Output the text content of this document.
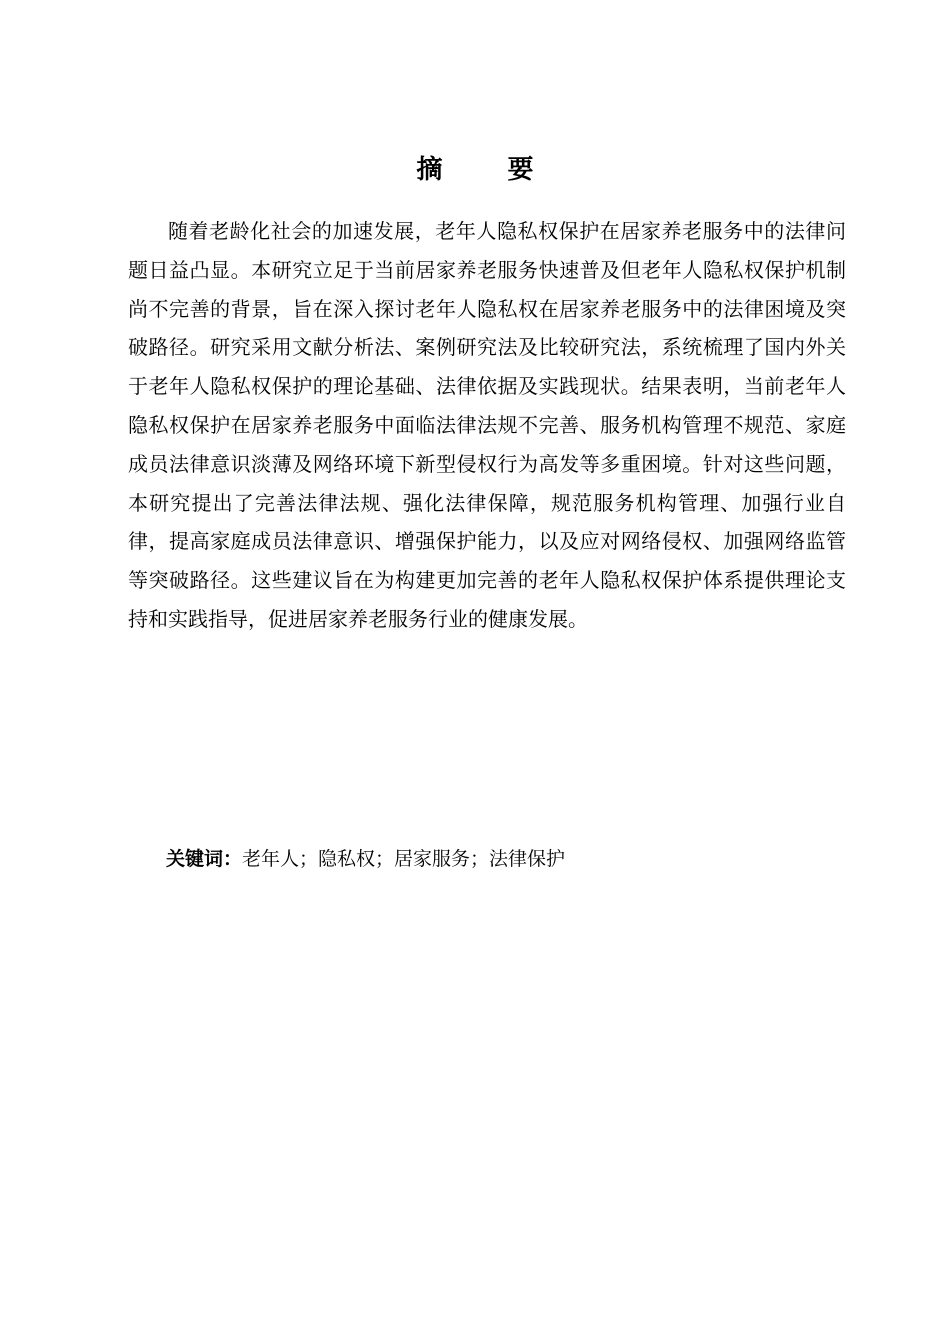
摘 要

随着老龄化社会的加速发展，老年人隐私权保护在居家养老服务中的法律问题日益凸显。本研究立足于当前居家养老服务快速普及但老年人隐私权保护机制尚不完善的背景，旨在深入探讨老年人隐私权在居家养老服务中的法律困境及突破路径。研究采用文献分析法、案例研究法及比较研究法，系统梳理了国内外关于老年人隐私权保护的理论基础、法律依据及实践现状。结果表明，当前老年人隐私权保护在居家养老服务中面临法律法规不完善、服务机构管理不规范、家庭成员法律意识淡薄及网络环境下新型侵权行为高发等多重困境。针对这些问题，本研究提出了完善法律法规、强化法律保障，规范服务机构管理、加强行业自律，提高家庭成员法律意识、增强保护能力，以及应对网络侵权、加强网络监管等突破路径。这些建议旨在为构建更加完善的老年人隐私权保护体系提供理论支持和实践指导，促进居家养老服务行业的健康发展。

关键词：老年人；隐私权；居家服务；法律保护
